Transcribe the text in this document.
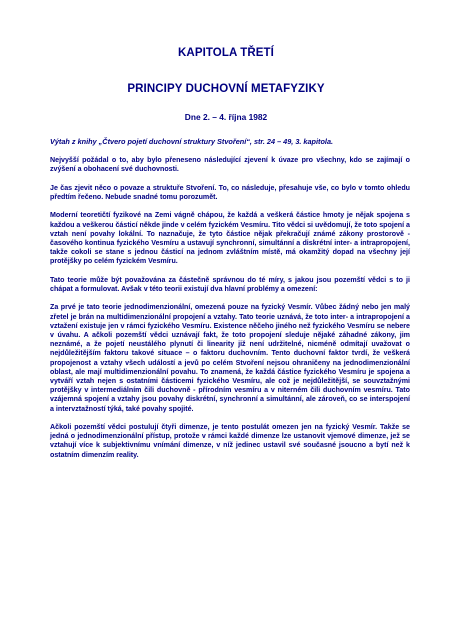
KAPITOLA TŘETÍ
PRINCIPY DUCHOVNÍ METAFYZIKY
Dne 2. – 4. října 1982

Výtah z knihy „Čtvero pojetí duchovní struktury Stvoření“, str. 24 – 49, 3. kapitola.

Nejvyšší požádal o to, aby bylo přeneseno následující zjevení k úvaze pro všechny, kdo se zajímají o zvýšení a obohacení své duchovnosti.

Je čas zjevit něco o povaze a struktuře Stvoření. To, co následuje, přesahuje vše, co bylo v tomto ohledu předtím řečeno. Nebude snadné tomu porozumět.

Moderní teoretičtí fyzikové na Zemi vágně chápou, že každá a veškerá částice hmoty je nějak spojena s každou a veškerou částicí někde jinde v celém fyzickém Vesmíru. Tito vědci si uvědomují, že toto spojení a vztah není povahy lokální. To naznačuje, že tyto částice nějak překračují známé zákony prostorově - časového kontinua fyzického Vesmíru a ustavují synchronní, simultánní a diskrétní inter- a intrapropojení, takže cokoli se stane s jednou částicí na jednom zvláštním místě, má okamžitý dopad na všechny její protějšky po celém fyzickém Vesmíru.

Tato teorie může být považována za částečně správnou do té míry, s jakou jsou pozemští vědci s to ji chápat a formulovat. Avšak v této teorii existují dva hlavní problémy a omezení:

Za prvé je tato teorie jednodimenzionální, omezená pouze na fyzický Vesmír. Vůbec žádný nebo jen malý zřetel je brán na multidimenzionální propojení a vztahy. Tato teorie uznává, že toto inter- a intrapropojení a vztažení existuje jen v rámci fyzického Vesmíru. Existence něčeho jiného než fyzického Vesmíru se nebere v úvahu. A ačkoli pozemští vědci uznávají fakt, že toto propojení sleduje nějaké záhadné zákony, jim neznámé, a že pojetí neustálého plynutí či linearity již není udržitelné, nicméně odmítají uvažovat o nejdůležitějším faktoru takové situace – o faktoru duchovním. Tento duchovní faktor tvrdí, že veškerá propojenost a vztahy všech událostí a jevů po celém Stvoření nejsou ohraničeny na jednodimenzionální oblast, ale mají multidimenzionální povahu. To znamená, že každá částice fyzického Vesmíru je spojena a vytváří vztah nejen s ostatními částicemi fyzického Vesmíru, ale což je nejdůležitější, se souvztažnými protějšky v intermediálním čili duchovně - přírodním vesmíru a v niterném čili duchovním vesmíru. Tato vzájemná spojení a vztahy jsou povahy diskrétní, synchronní a simultánní, ale zároveň, co se interspojení a intervztažností týká, také povahy spojité.

Ačkoli pozemští vědci postulují čtyři dimenze, je tento postulát omezen jen na fyzický Vesmír. Takže se jedná o jednodimenzionální přístup, protože v rámci každé dimenze lze ustanovit vjemové dimenze, jež se vztahují více k subjektivnímu vnímání dimenze, v níž jedinec ustavil své současné jsoucno a bytí než k ostatním dimenzím reality.
